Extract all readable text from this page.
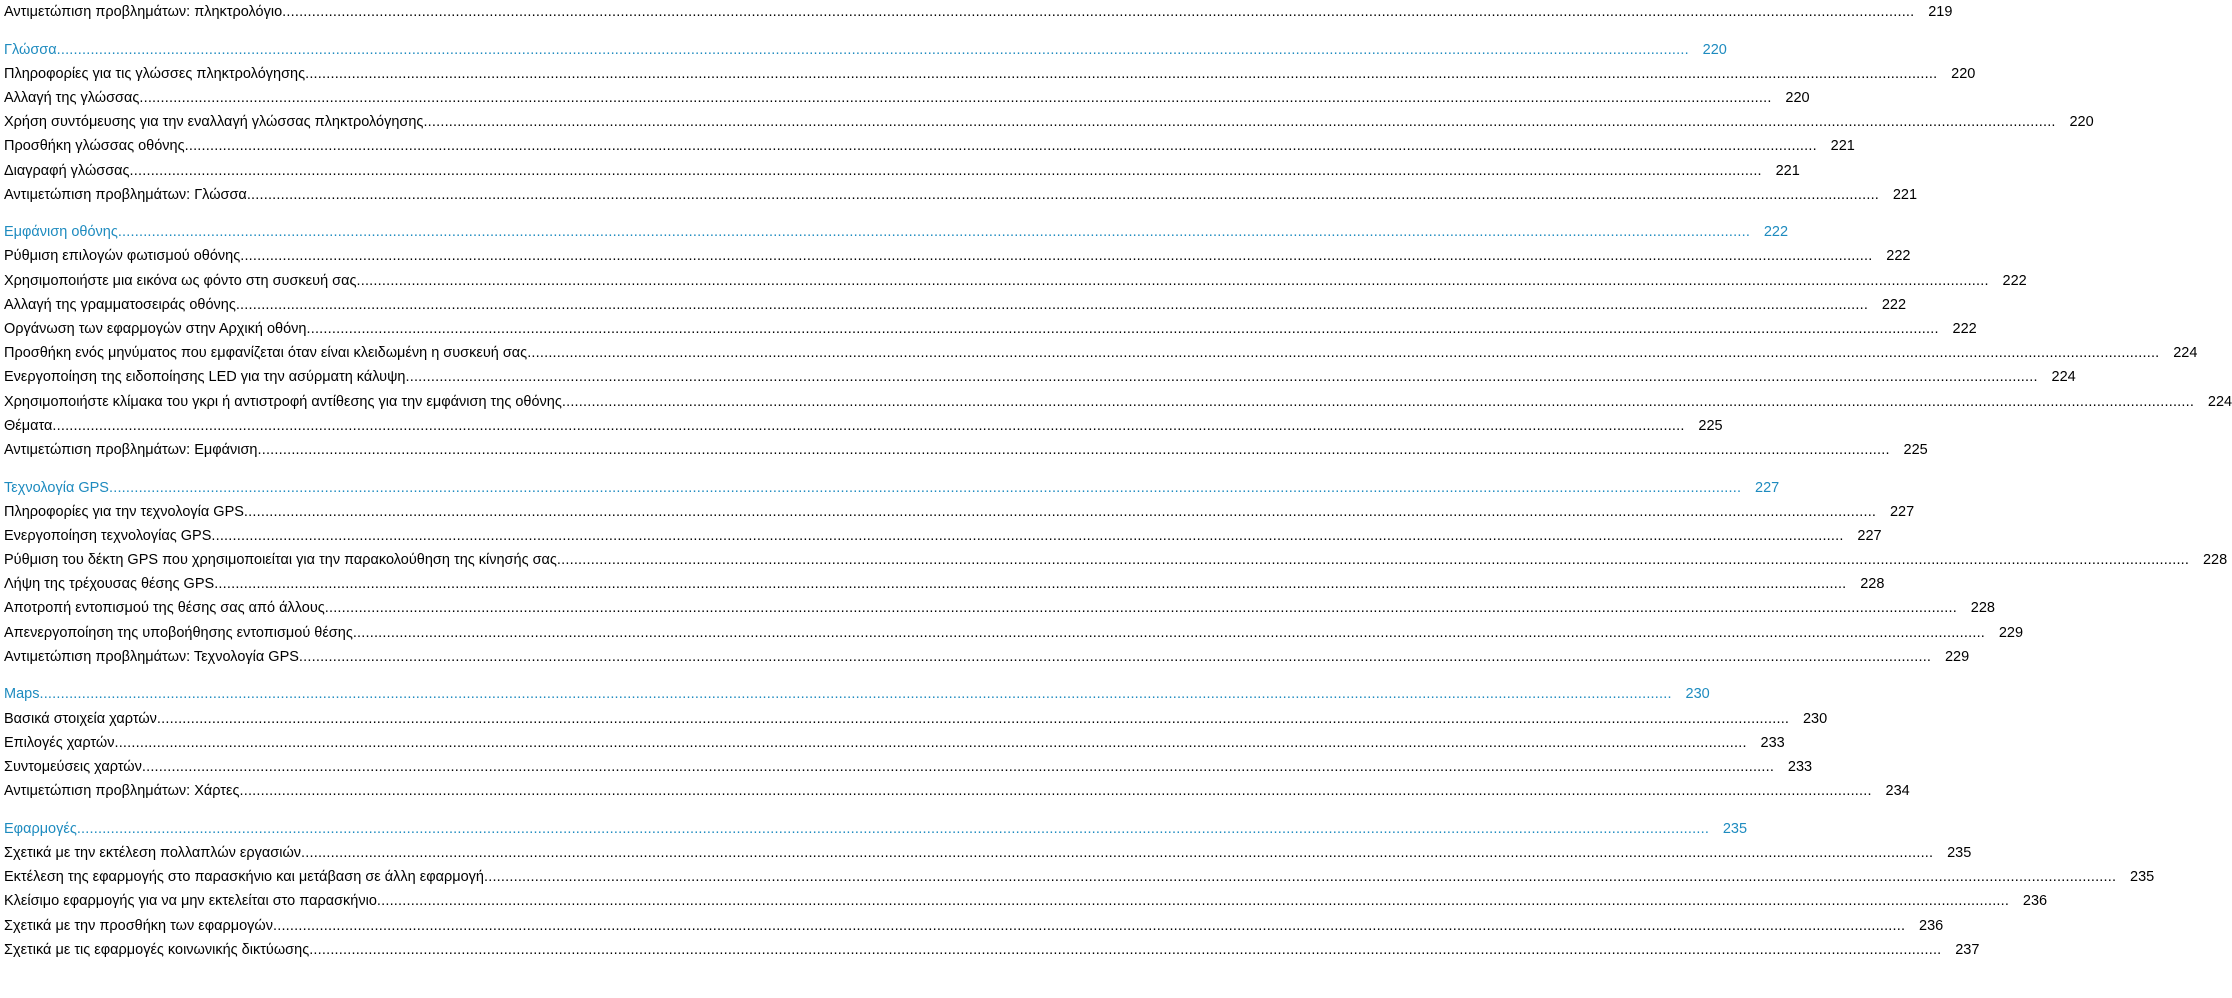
Αντιμετώπιση προβλημάτων: πληκτρολόγιο .....	219
Γλώσσα .....	220
Πληροφορίες για τις γλώσσες πληκτρολόγησης .....	220
Αλλαγή της γλώσσας .....	220
Χρήση συντόμευσης για την εναλλαγή γλώσσας πληκτρολόγησης .....	220
Προσθήκη γλώσσας οθόνης .....	221
Διαγραφή γλώσσας .....	221
Αντιμετώπιση προβλημάτων: Γλώσσα .....	221
Εμφάνιση οθόνης .....	222
Ρύθμιση επιλογών φωτισμού οθόνης .....	222
Χρησιμοποιήστε μια εικόνα ως φόντο στη συσκευή σας .....	222
Αλλαγή της γραμματοσειράς οθόνης .....	222
Οργάνωση των εφαρμογών στην Αρχική οθόνη .....	222
Προσθήκη ενός μηνύματος που εμφανίζεται όταν είναι κλειδωμένη η συσκευή σας .....	224
Ενεργοποίηση της ειδοποίησης LED για την ασύρματη κάλυψη .....	224
Χρησιμοποιήστε κλίμακα του γκρι ή αντιστροφή αντίθεσης για την εμφάνιση της οθόνης .....	224
Θέματα .....	225
Αντιμετώπιση προβλημάτων: Εμφάνιση .....	225
Τεχνολογία GPS .....	227
Πληροφορίες για την τεχνολογία GPS .....	227
Ενεργοποίηση τεχνολογίας GPS .....	227
Ρύθμιση του δέκτη GPS που χρησιμοποιείται για την παρακολούθηση της κίνησής σας .....	228
Λήψη της τρέχουσας θέσης GPS .....	228
Αποτροπή εντοπισμού της θέσης σας από άλλους .....	228
Απενεργοποίηση της υποβοήθησης εντοπισμού θέσης .....	229
Αντιμετώπιση προβλημάτων: Τεχνολογία GPS .....	229
Maps .....	230
Βασικά στοιχεία χαρτών .....	230
Επιλογές χαρτών .....	233
Συντομεύσεις χαρτών .....	233
Αντιμετώπιση προβλημάτων: Χάρτες .....	234
Εφαρμογές .....	235
Σχετικά με την εκτέλεση πολλαπλών εργασιών .....	235
Εκτέλεση της εφαρμογής στο παρασκήνιο και μετάβαση σε άλλη εφαρμογή .....	235
Κλείσιμο εφαρμογής για να μην εκτελείται στο παρασκήνιο .....	236
Σχετικά με την προσθήκη των εφαρμογών .....	236
Σχετικά με τις εφαρμογές κοινωνικής δικτύωσης .....	237
